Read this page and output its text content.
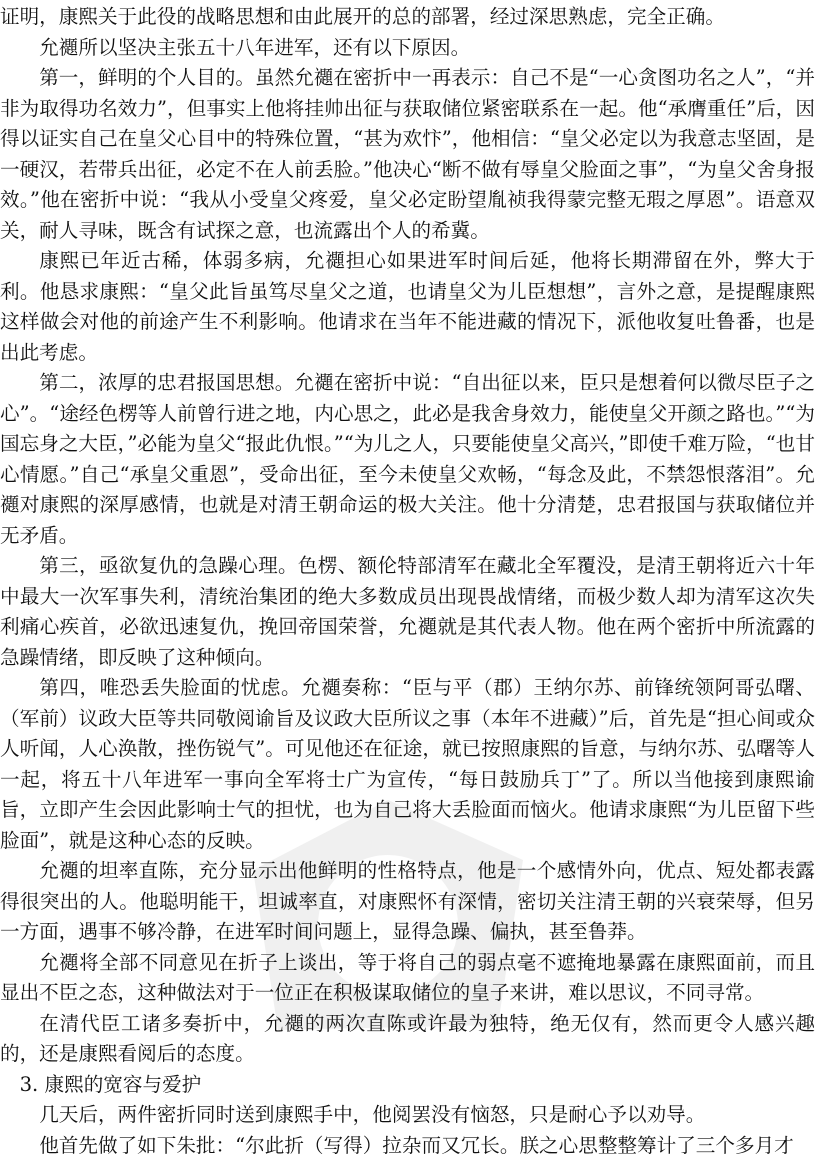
证明，康熙关于此役的战略思想和由此展开的总的部署，经过深思熟虑，完全正确。

允禵所以坚决主张五十八年进军，还有以下原因。

第一，鲜明的个人目的。虽然允禵在密折中一再表示：自己不是“一心贪图功名之人”，“并非为取得功名效力”，但事实上他将挂帅出征与获取储位紧密联系在一起。他“承膺重任”后，因得以证实自己在皇父心目中的特殊位置，“甚为欢忭”，他相信：“皇父必定以为我意志坚固，是一硬汉，若带兵出征，必定不在人前丢脸。”他决心“断不做有辱皇父脸面之事”，“为皇父舍身报效。”他在密折中说：“我从小受皇父疼爱，皇父必定盼望胤祯我得蒙完整无瑕之厚恩”。语意双关，耐人寻味，既含有试探之意，也流露出个人的希冀。

康熙已年近古稀，体弱多病，允禵担心如果进军时间后延，他将长期滞留在外，弊大于利。他恳求康熙：“皇父此旨虽笃尽皇父之道，也请皇父为儿臣想想”，言外之意，是提醒康熙这样做会对他的前途产生不利影响。他请求在当年不能进藏的情况下，派他收复吐鲁番，也是出此考虑。

第二，浓厚的忠君报国思想。允禵在密折中说：“自出征以来，臣只是想着何以微尽臣子之心”。“途经色楞等人前曾行进之地，内心思之，此必是我舍身效力，能使皇父开颜之路也。”“为国忘身之大臣，”必能为皇父“报此仇恨。”“为儿之人，只要能使皇父高兴，”即使千难万险，“也甘心情愿。”自己“承皇父重恩”，受命出征，至今未使皇父欢畅，“每念及此，不禁怨恨落泪”。允禵对康熙的深厚感情，也就是对清王朝命运的极大关注。他十分清楚，忠君报国与获取储位并无矛盾。

第三，亟欲复仇的急躁心理。色楞、额伦特部清军在藏北全军覆没，是清王朝将近六十年中最大一次军事失利，清统治集团的绝大多数成员出现畏战情绪，而极少数人却为清军这次失利痛心疾首，必欲迅速复仇，挽回帝国荣誉，允禵就是其代表人物。他在两个密折中所流露的急躁情绪，即反映了这种倾向。

第四，唯恐丢失脸面的忧虑。允禵奏称：“臣与平（郡）王纳尔苏、前锋统领阿哥弘曙、（军前）议政大臣等共同敬阅谕旨及议政大臣所议之事（本年不进藏）”后，首先是“担心间或众人听闻，人心涣散，挫伤锐气”。可见他还在征途，就已按照康熙的旨意，与纳尔苏、弘曙等人一起，将五十八年进军一事向全军将士广为宣传，“每日鼓励兵丁”了。所以当他接到康熙谕旨，立即产生会因此影响士气的担忧，也为自己将大丢脸面而恼火。他请求康熙“为儿臣留下些脸面”，就是这种心态的反映。

允禵的坦率直陈，充分显示出他鲜明的性格特点，他是一个感情外向，优点、短处都表露得很突出的人。他聪明能干，坦诚率直，对康熙怀有深情，密切关注清王朝的兴衰荣辱，但另一方面，遇事不够冷静，在进军时间问题上，显得急躁、偏执，甚至鲁莽。

允禵将全部不同意见在折子上谈出，等于将自己的弱点毫不遮掩地暴露在康熙面前，而且显出不臣之态，这种做法对于一位正在积极谋取储位的皇子来讲，难以思议，不同寻常。

在清代臣工诸多奏折中，允禵的两次直陈或许最为独特，绝无仅有，然而更令人感兴趣的，还是康熙看阅后的态度。

3. 康熙的宽容与爱护

几天后，两件密折同时送到康熙手中，他阅罢没有恼怒，只是耐心予以劝导。

他首先做了如下朱批：“尔此折（写得）拉杂而又冗长。朕之心思整整筹计了三个多月才
